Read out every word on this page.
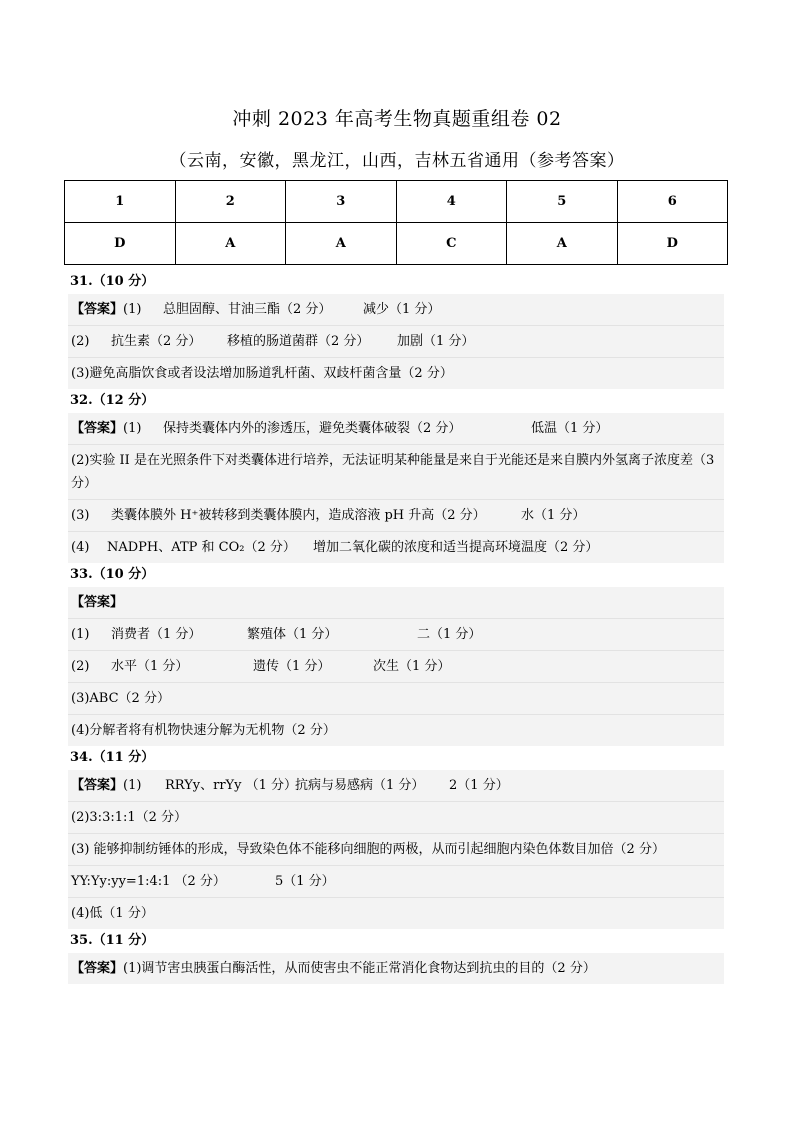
冲刺 2023 年高考生物真题重组卷 02
（云南，安徽，黑龙江，山西，吉林五省通用（参考答案）
1	2	3	4	5	6
D	A	A	C	A	D
31.（10 分）
【答案】(1) 总胆固醇、甘油三酯（2 分） 减少（1 分）
(2) 抗生素（2 分） 移植的肠道菌群（2 分） 加剧（1 分）
(3)避免高脂饮食或者设法增加肠道乳杆菌、双歧杆菌含量（2 分）
32.（12 分）
【答案】(1) 保持类囊体内外的渗透压，避免类囊体破裂（2 分）	低温（1 分）
(2)实验 II 是在光照条件下对类囊体进行培养，无法证明某种能量是来自于光能还是来自膜内外氢离子浓度差（3 分）
(3) 类囊体膜外 H⁺被转移到类囊体膜内，造成溶液 pH 升高（2 分）	水（1 分）
(4) NADPH、ATP 和 CO₂（2 分） 增加二氧化碳的浓度和适当提高环境温度（2 分）
33.（10 分）
【答案】
(1) 消费者（1 分）	繁殖体（1 分）	二（1 分）
(2) 水平（1 分）	遗传（1 分）	次生（1 分）
(3)ABC（2 分）
(4)分解者将有机物快速分解为无机物（2 分）
34.（11 分）
【答案】(1) RRYy、rrYy （1 分）抗病与易感病（1 分） 2（1 分）
(2)3:3:1:1（2 分）
(3) 能够抑制纺锤体的形成，导致染色体不能移向细胞的两极，从而引起细胞内染色体数目加倍（2 分）
YY:Yy:yy=1:4:1 （2 分）	5（1 分）
(4)低（1 分）
35.（11 分）
【答案】(1)调节害虫胰蛋白酶活性，从而使害虫不能正常消化食物达到抗虫的目的（2 分）
